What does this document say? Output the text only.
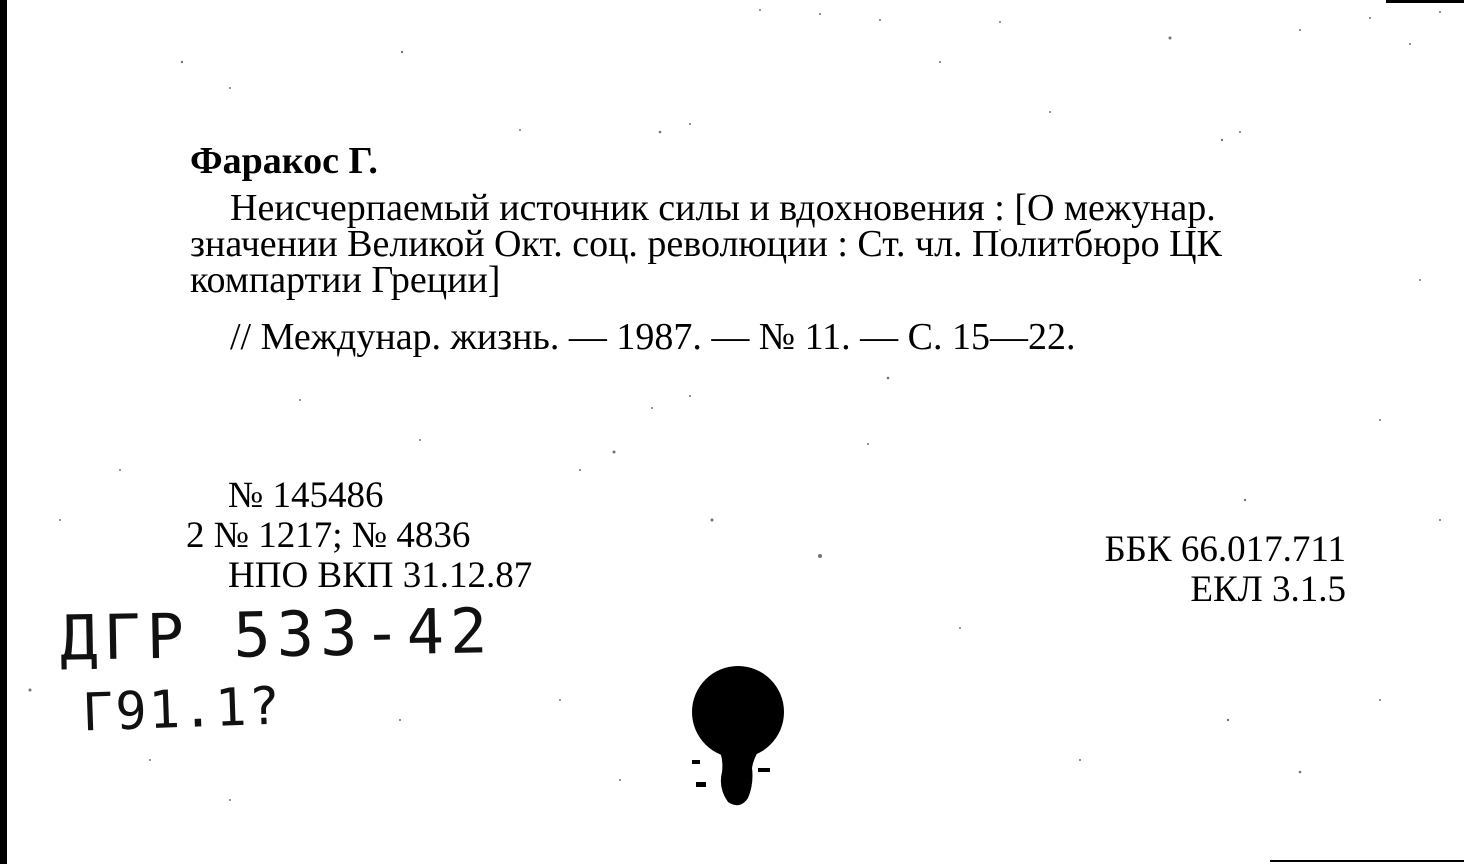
Фаракос Г.
Неисчерпаемый источник силы и вдохновения : [О межунар.
значении Великой Окт. соц. революции : Ст. чл. Политбюро ЦК
компартии Греции]
// Междунар. жизнь. — 1987. — № 11. — С. 15—22.
№ 145486
2 № 1217; № 4836
НПО ВКП 31.12.87
ББК 66.017.711
ЕКЛ 3.1.5
ДГР 533-42
Г91.1?
